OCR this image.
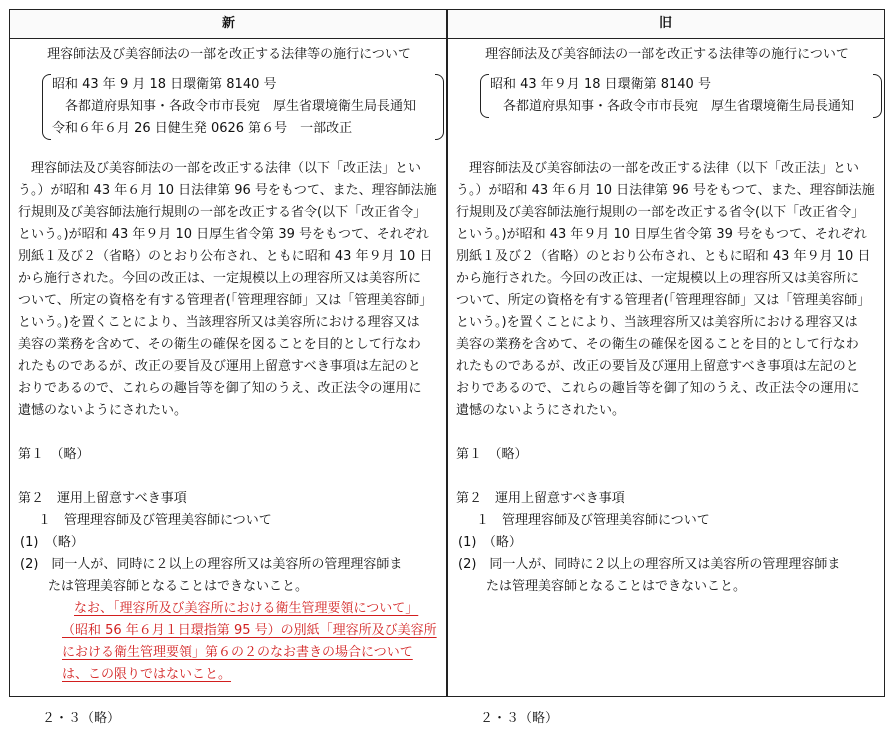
新	旧
理容師法及び美容師法の一部を改正する法律等の施行について
昭和 43 年 9 月 18 日環衛第 8140 号
　各都道府県知事・各政令市市長宛　厚生省環境衛生局長通知
令和６年６月 26 日健生発 0626 第６号　一部改正
　理容師法及び美容師法の一部を改正する法律（以下「改正法」とい
う。）が昭和 43 年６月 10 日法律第 96 号をもつて、また、理容師法施
行規則及び美容師法施行規則の一部を改正する省令(以下「改正省令」
という。)が昭和 43 年９月 10 日厚生省令第 39 号をもつて、それぞれ
別紙１及び２（省略）のとおり公布され、ともに昭和 43 年９月 10 日
から施行された。今回の改正は、一定規模以上の理容所又は美容所に
ついて、所定の資格を有する管理者(「管理理容師」又は「管理美容師」
という。)を置くことにより、当該理容所又は美容所における理容又は
美容の業務を含めて、その衛生の確保を図ることを目的として行なわ
れたものであるが、改正の要旨及び運用上留意すべき事項は左記のと
おりであるので、これらの趣旨等を御了知のうえ、改正法令の運用に
遺憾のないようにされたい。
第１　（略）
第２　運用上留意すべき事項
１　管理理容師及び管理美容師について
(1)　（略）
(2)　同一人が、同時に２以上の理容所又は美容所の管理理容師ま
たは管理美容師となることはできないこと。
なお、「理容所及び美容所における衛生管理要領について」
（昭和 56 年６月１日環指第 95 号）の別紙「理容所及び美容所
における衛生管理要領」第６の２のなお書きの場合について
は、この限りではないこと。
２・３（略）
理容師法及び美容師法の一部を改正する法律等の施行について
昭和 43 年９月 18 日環衛第 8140 号
　各都道府県知事・各政令市市長宛　厚生省環境衛生局長通知
　理容師法及び美容師法の一部を改正する法律（以下「改正法」とい
う。）が昭和 43 年６月 10 日法律第 96 号をもつて、また、理容師法施
行規則及び美容師法施行規則の一部を改正する省令(以下「改正省令」
という。)が昭和 43 年９月 10 日厚生省令第 39 号をもつて、それぞれ
別紙１及び２（省略）のとおり公布され、ともに昭和 43 年９月 10 日
から施行された。今回の改正は、一定規模以上の理容所又は美容所に
ついて、所定の資格を有する管理者(「管理理容師」又は「管理美容師」
という。)を置くことにより、当該理容所又は美容所における理容又は
美容の業務を含めて、その衛生の確保を図ることを目的として行なわ
れたものであるが、改正の要旨及び運用上留意すべき事項は左記のと
おりであるので、これらの趣旨等を御了知のうえ、改正法令の運用に
遺憾のないようにされたい。
第１　（略）
第２　運用上留意すべき事項
１　管理理容師及び管理美容師について
(1)　（略）
(2)　同一人が、同時に２以上の理容所又は美容所の管理理容師ま
たは管理美容師となることはできないこと。
２・３（略）
